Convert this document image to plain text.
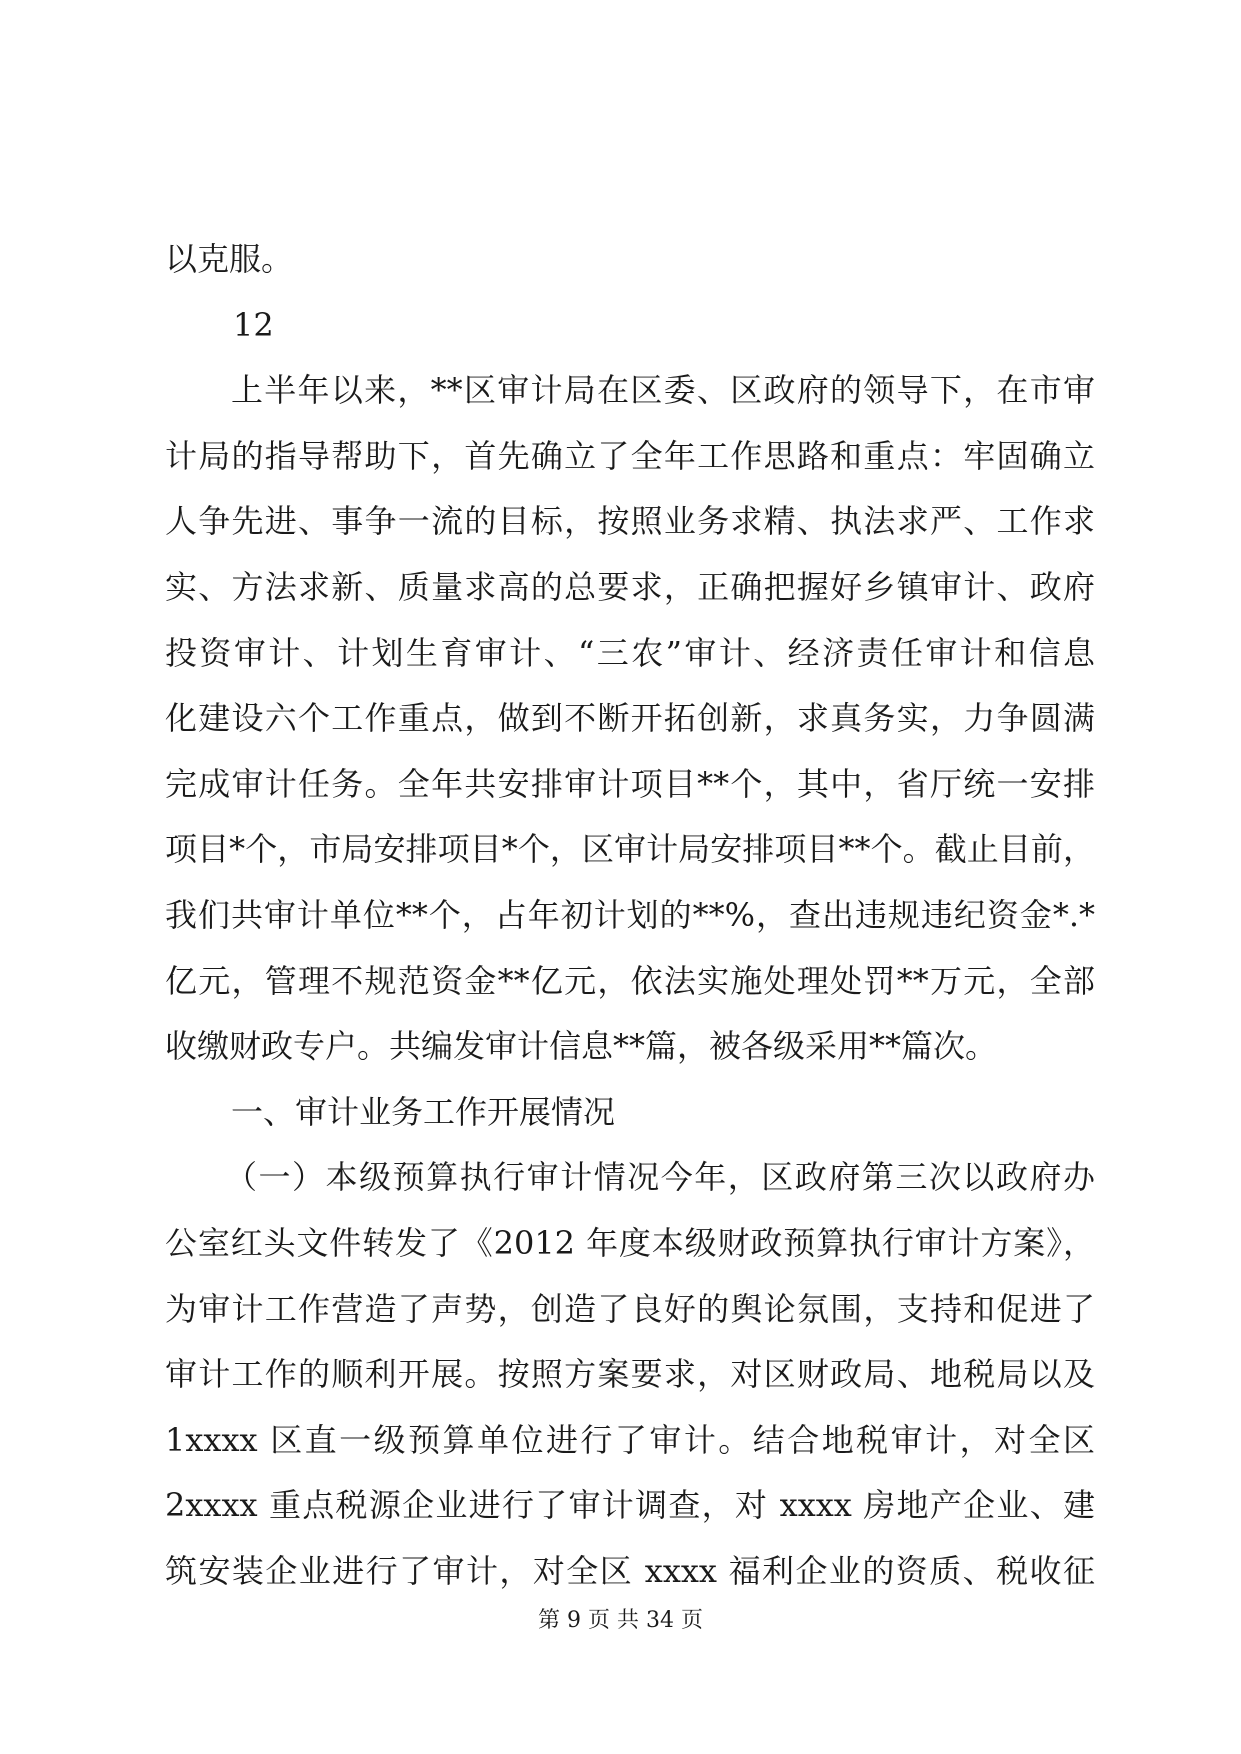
以克服。
12
上半年以来，**区审计局在区委、区政府的领导下，在市审
计局的指导帮助下，首先确立了全年工作思路和重点：牢固确立
人争先进、事争一流的目标，按照业务求精、执法求严、工作求
实、方法求新、质量求高的总要求，正确把握好乡镇审计、政府
投资审计、计划生育审计、“三农”审计、经济责任审计和信息
化建设六个工作重点，做到不断开拓创新，求真务实，力争圆满
完成审计任务。全年共安排审计项目**个，其中，省厅统一安排
项目*个，市局安排项目*个，区审计局安排项目**个。截止目前，
我们共审计单位**个，占年初计划的**%，查出违规违纪资金*.*
亿元，管理不规范资金**亿元，依法实施处理处罚**万元，全部
收缴财政专户。共编发审计信息**篇，被各级采用**篇次。
一、审计业务工作开展情况
（一）本级预算执行审计情况今年，区政府第三次以政府办
公室红头文件转发了《2012 年度本级财政预算执行审计方案》，
为审计工作营造了声势，创造了良好的舆论氛围，支持和促进了
审计工作的顺利开展。按照方案要求，对区财政局、地税局以及
1xxxx 区直一级预算单位进行了审计。结合地税审计，对全区
2xxxx 重点税源企业进行了审计调查，对 xxxx 房地产企业、建
筑安装企业进行了审计，对全区 xxxx 福利企业的资质、税收征
第 9 页 共 34 页
